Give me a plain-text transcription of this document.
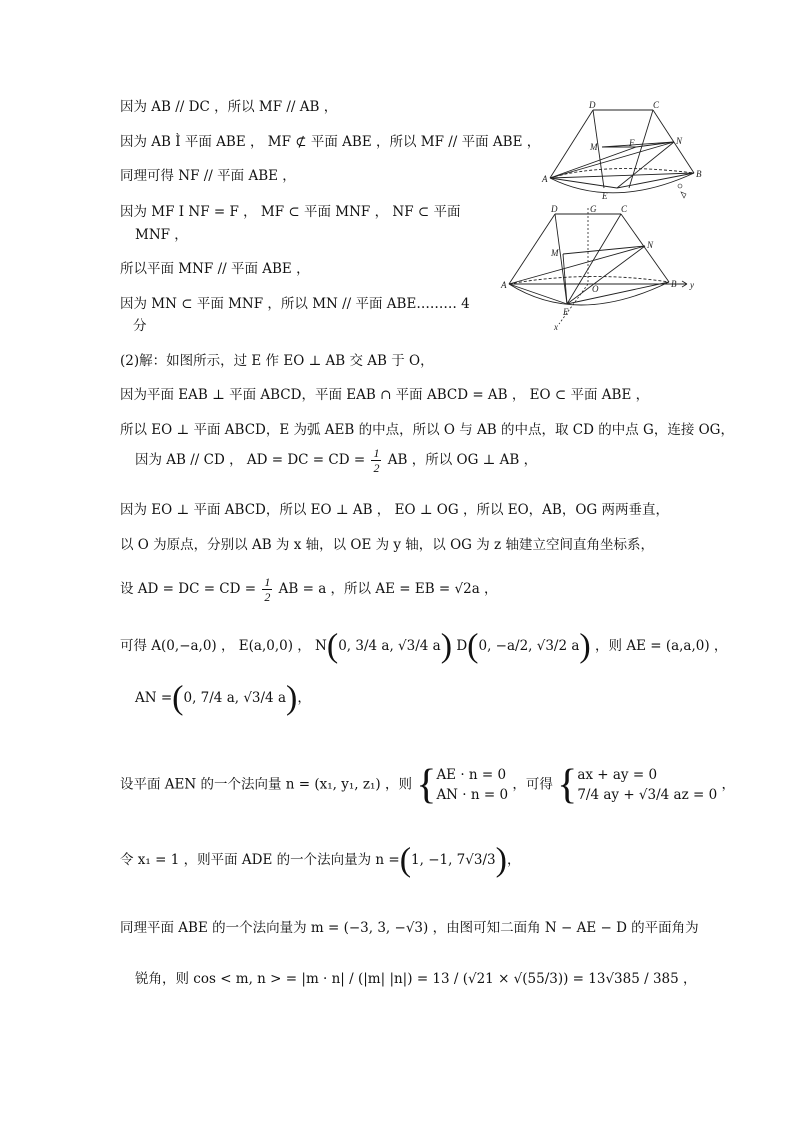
因为 AB // DC ，所以 MF // AB ，
因为 AB Ì 平面 ABE ， MF ⊄ 平面 ABE ，所以 MF // 平面 ABE ，
同理可得 NF // 平面 ABE ，
因为 MF I NF = F ， MF ⊂ 平面 MNF ， NF ⊂ 平面
MNF ，
所以平面 MNF // 平面 ABE ，
因为 MN ⊂ 平面 MNF ，所以 MN // 平面 ABE……… 4
分
D	C
M	F	N
A	B
E
D	G	C
M
N
A	O	B y
E
x
(2)解：如图所示，过 E 作 EO ⊥ AB 交 AB 于 O，
因为平面 EAB ⊥ 平面 ABCD，平面 EAB ∩ 平面 ABCD = AB ， EO ⊂ 平面 ABE ，
所以 EO ⊥ 平面 ABCD，E 为弧 AEB 的中点，所以 O 与 AB 的中点，取 CD 的中点 G，连接 OG，
因为 AB // CD ， AD = DC = CD = $\frac{1}{2}$ AB ，所以 OG ⊥ AB ，
因为 EO ⊥ 平面 ABCD，所以 EO ⊥ AB ， EO ⊥ OG ，所以 EO，AB，OG 两两垂直，
以 O 为原点，分别以 AB 为 x 轴，以 OE 为 y 轴，以 OG 为 z 轴建立空间直角坐标系，
设 AD = DC = CD = $\frac{1}{2}$ AB = a ，所以 AE = EB = √2a ，
可得 A(0,−a,0) ， E(a,0,0) ， N(0, 3/4 a, √3/4 a) D(0, −a/2, √3/2 a) ，则 AE = (a,a,0) ，
AN =(0, 7/4 a, √3/4 a)，
设平面 AEN 的一个法向量 n = (x₁, y₁, z₁) ，则 { AE · n = 0
AN · n = 0
，可得 { ax + ay = 0
7/4 ay + √3/4 az = 0
，
令 x₁ = 1 ，则平面 ADE 的一个法向量为 n =(1, −1, 7√3/3)，
同理平面 ABE 的一个法向量为 m = (−3, 3, −√3) ，由图可知二面角 N − AE − D 的平面角为
锐角，则 cos < m, n > = |m · n| / (|m| |n|) = 13 / (√21 × √(55/3)) = 13√385 / 385 ，
